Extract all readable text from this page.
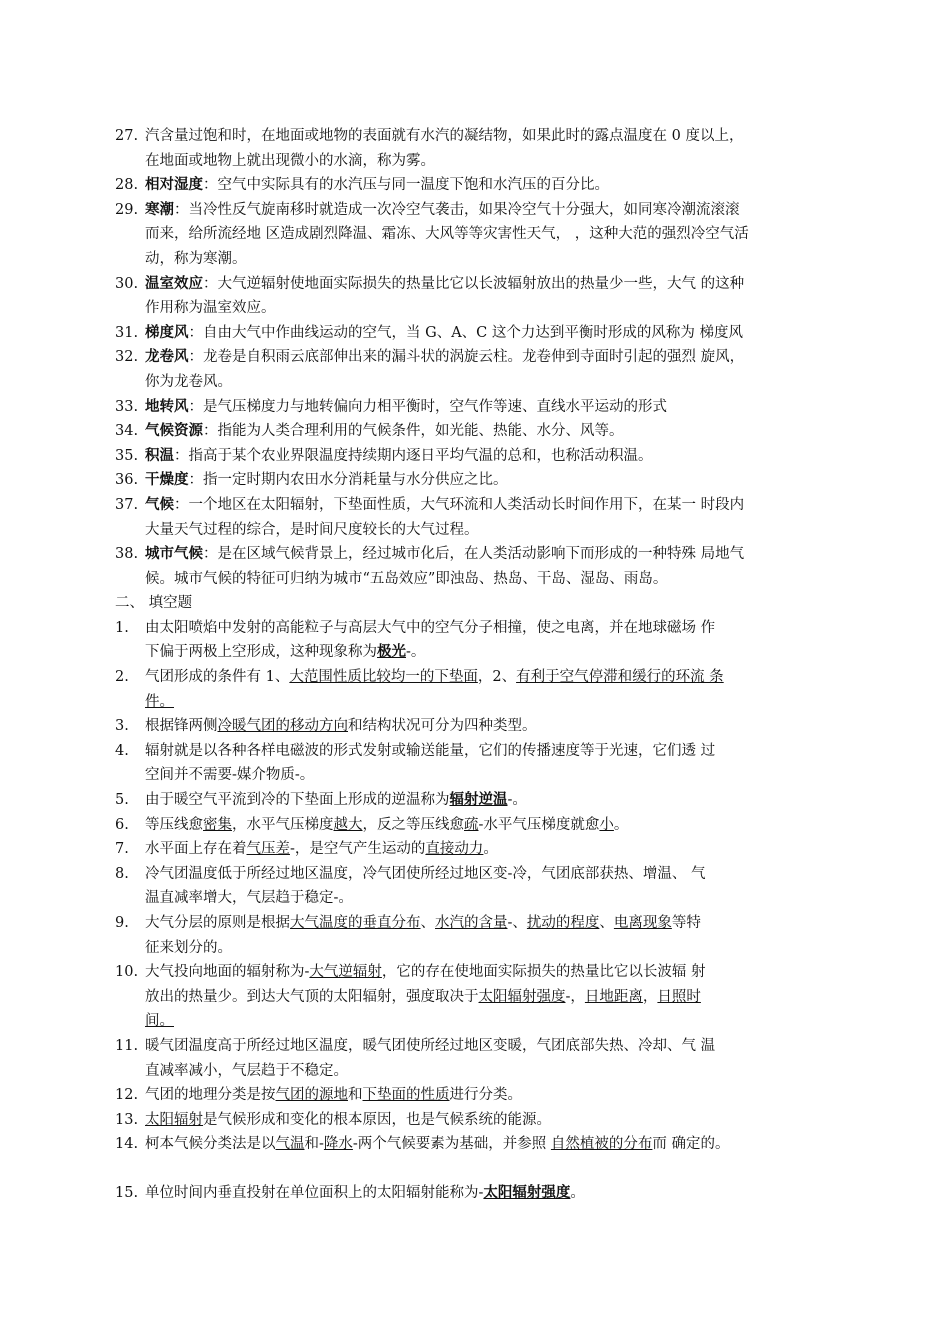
27. 汽含量过饱和时，在地面或地物的表面就有水汽的凝结物，如果此时的露点温度在 0 度以上，
在地面或地物上就出现微小的水滴，称为雾。
28. 相对湿度：空气中实际具有的水汽压与同一温度下饱和水汽压的百分比。
29. 寒潮：当冷性反气旋南移时就造成一次冷空气袭击，如果冷空气十分强大，如同寒冷潮流滚滚
而来，给所流经地 区造成剧烈降温、霜冻、大风等等灾害性天气， ，这种大范的强烈冷空气活
动，称为寒潮。
30. 温室效应：大气逆辐射使地面实际损失的热量比它以长波辐射放出的热量少一些，大气 的这种
作用称为温室效应。
31. 梯度风：自由大气中作曲线运动的空气，当 G、A、C 这个力达到平衡时形成的风称为 梯度风
32. 龙卷风：龙卷是自积雨云底部伸出来的漏斗状的涡旋云柱。龙卷伸到寺面时引起的强烈 旋风，
你为龙卷风。
33. 地转风：是气压梯度力与地转偏向力相平衡时，空气作等速、直线水平运动的形式
34. 气候资源：指能为人类合理利用的气候条件，如光能、热能、水分、风等。
35. 积温：指高于某个农业界限温度持续期内逐日平均气温的总和，也称活动积温。
36. 干燥度：指一定时期内农田水分消耗量与水分供应之比。
37. 气候：一个地区在太阳辐射，下垫面性质，大气环流和人类活动长时间作用下，在某一 时段内
大量天气过程的综合，是时间尺度较长的大气过程。
38. 城市气候：是在区域气候背景上，经过城市化后，在人类活动影响下而形成的一种特殊 局地气
候。城市气候的特征可归纳为城市“五岛效应”即浊岛、热岛、干岛、湿岛、雨岛。
二、 填空题
1.	由太阳喷焰中发射的高能粒子与高层大气中的空气分子相撞，使之电离，并在地球磁场 作
下偏于两极上空形成，这种现象称为极光-。
2.	气团形成的条件有 1、大范围性质比较均一的下垫面，2、有利于空气停滞和缓行的环流 条
件。
3.	根据锋两侧冷暖气团的移动方向和结构状况可分为四种类型。
4.	辐射就是以各种各样电磁波的形式发射或输送能量，它们的传播速度等于光速，它们透 过
空间并不需要-媒介物质-。
5.	由于暖空气平流到冷的下垫面上形成的逆温称为辐射逆温-。
6.	等压线愈密集，水平气压梯度越大，反之等压线愈疏-水平气压梯度就愈小。
7.	水平面上存在着气压差-，是空气产生运动的直接动力。
8.	冷气团温度低于所经过地区温度，冷气团使所经过地区变-冷，气团底部获热、增温、 气
温直减率增大，气层趋于稳定-。
9.	大气分层的原则是根据大气温度的垂直分布、水汽的含量-、扰动的程度、电离现象等特
征来划分的。
10. 大气投向地面的辐射称为-大气逆辐射，它的存在使地面实际损失的热量比它以长波辐 射
放出的热量少。到达大气顶的太阳辐射，强度取决于太阳辐射强度-，日地距离，日照时
间。
11. 暖气团温度高于所经过地区温度，暖气团使所经过地区变暖，气团底部失热、冷却、气 温
直减率减小，气层趋于不稳定。
12. 气团的地理分类是按气团的源地和下垫面的性质进行分类。
13. 太阳辐射是气候形成和变化的根本原因，也是气候系统的能源。
14. 柯本气候分类法是以气温和-降水-两个气候要素为基础，并参照 自然植被的分布而 确定的。
15. 单位时间内垂直投射在单位面积上的太阳辐射能称为-太阳辐射强度。
